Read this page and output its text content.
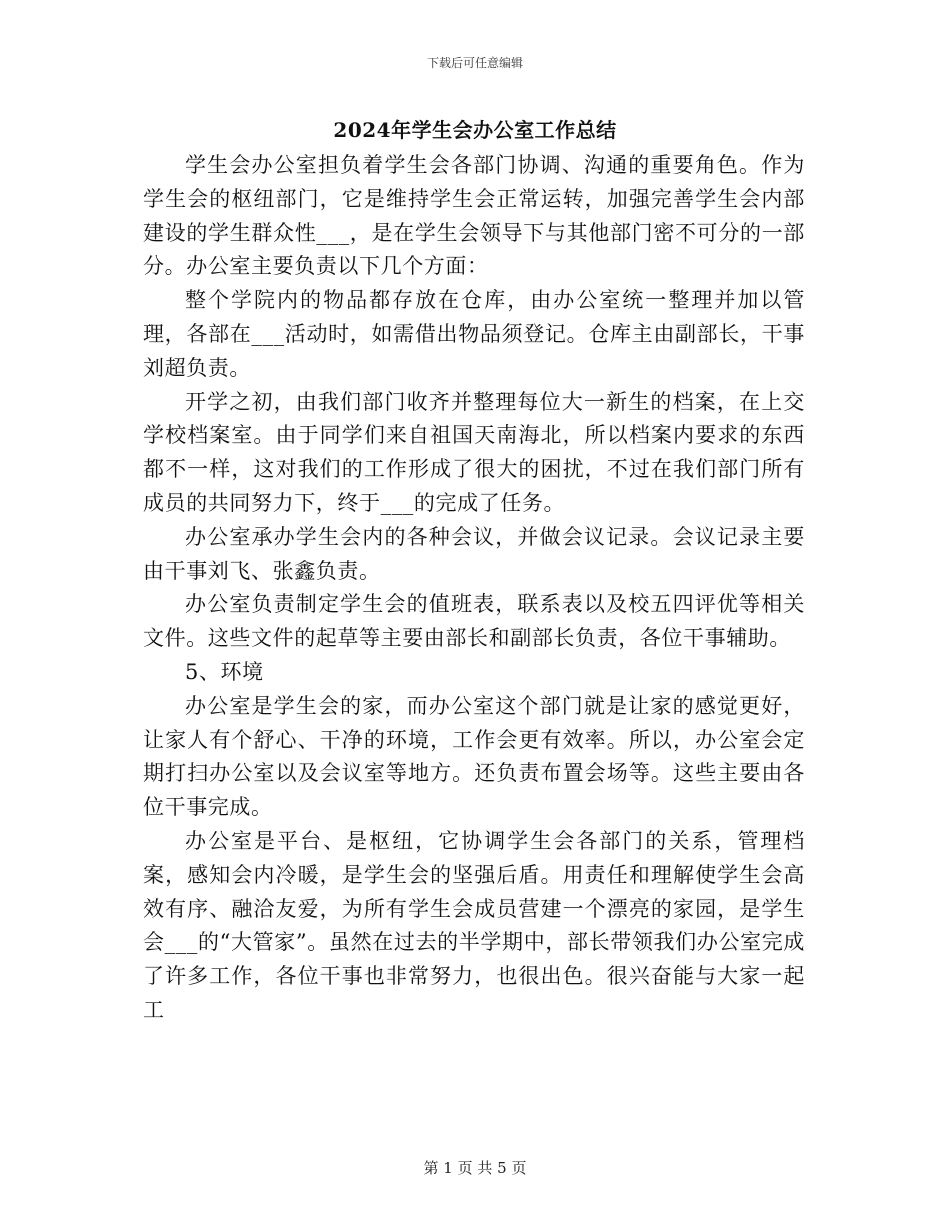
下载后可任意编辑
2024年学生会办公室工作总结

学生会办公室担负着学生会各部门协调、沟通的重要角色。作为学生会的枢纽部门，它是维持学生会正常运转，加强完善学生会内部建设的学生群众性___，是在学生会领导下与其他部门密不可分的一部分。办公室主要负责以下几个方面：

整个学院内的物品都存放在仓库，由办公室统一整理并加以管理，各部在___活动时，如需借出物品须登记。仓库主由副部长，干事刘超负责。

开学之初，由我们部门收齐并整理每位大一新生的档案，在上交学校档案室。由于同学们来自祖国天南海北，所以档案内要求的东西都不一样，这对我们的工作形成了很大的困扰，不过在我们部门所有成员的共同努力下，终于___的完成了任务。

办公室承办学生会内的各种会议，并做会议记录。会议记录主要由干事刘飞、张鑫负责。

办公室负责制定学生会的值班表，联系表以及校五四评优等相关文件。这些文件的起草等主要由部长和副部长负责，各位干事辅助。

5、环境

办公室是学生会的家，而办公室这个部门就是让家的感觉更好，让家人有个舒心、干净的环境，工作会更有效率。所以，办公室会定期打扫办公室以及会议室等地方。还负责布置会场等。这些主要由各位干事完成。

办公室是平台、是枢纽，它协调学生会各部门的关系，管理档案，感知会内冷暖，是学生会的坚强后盾。用责任和理解使学生会高效有序、融洽友爱，为所有学生会成员营建一个漂亮的家园，是学生会___的“大管家”。虽然在过去的半学期中，部长带领我们办公室完成了许多工作，各位干事也非常努力，也很出色。很兴奋能与大家一起工

第 1 页 共 5 页
